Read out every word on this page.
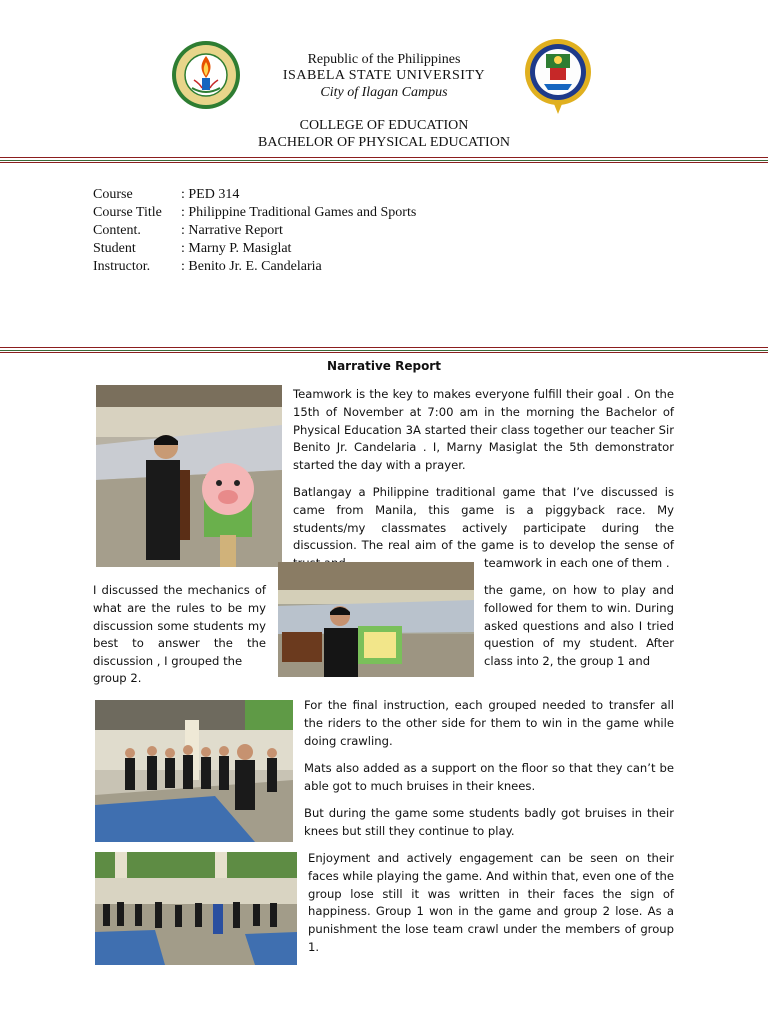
Republic of the Philippines
ISABELA STATE UNIVERSITY
City of Ilagan Campus
COLLEGE OF EDUCATION
BACHELOR OF PHYSICAL EDUCATION
Course	: PED 314
Course Title : Philippine Traditional Games and Sports
Content.	: Narrative Report
Student	: Marny P. Masiglat
Instructor. : Benito Jr. E. Candelaria
Narrative Report
Teamwork is the key to makes everyone fulfill their goal . On the 15th of November at 7:00 am in the morning the Bachelor of Physical Education 3A started their class together our teacher Sir Benito Jr. Candelaria . I, Marny Masiglat the 5th demonstrator started the day with a prayer.
Batlangay a Philippine traditional game that I’ve discussed is came from Manila, this game is a piggyback race. My students/my classmates actively participate during the discussion. The real aim of the game is to develop the sense of
teamwork in each one of them .
I discussed the mechanics of what are the rules to be my discussion some students my best to answer the the discussion , I grouped the
group 2.
the game, on how to play and followed for them to win. During asked questions and also I tried question of my student. After class into 2, the group 1 and
For the final instruction, each grouped needed to transfer all the riders to the other side for them to win in the game while doing crawling.
Mats also added as a support on the floor so that they can’t be able got to much bruises in their knees.
But during the game some students badly got bruises in their knees but still they continue to play.
Enjoyment and actively engagement can be seen on their faces while playing the game. And within that, even one of the group lose still it was written in their faces the sign of happiness. Group 1 won in the game and group 2 lose. As a punishment the lose team crawl under the members of group 1.
